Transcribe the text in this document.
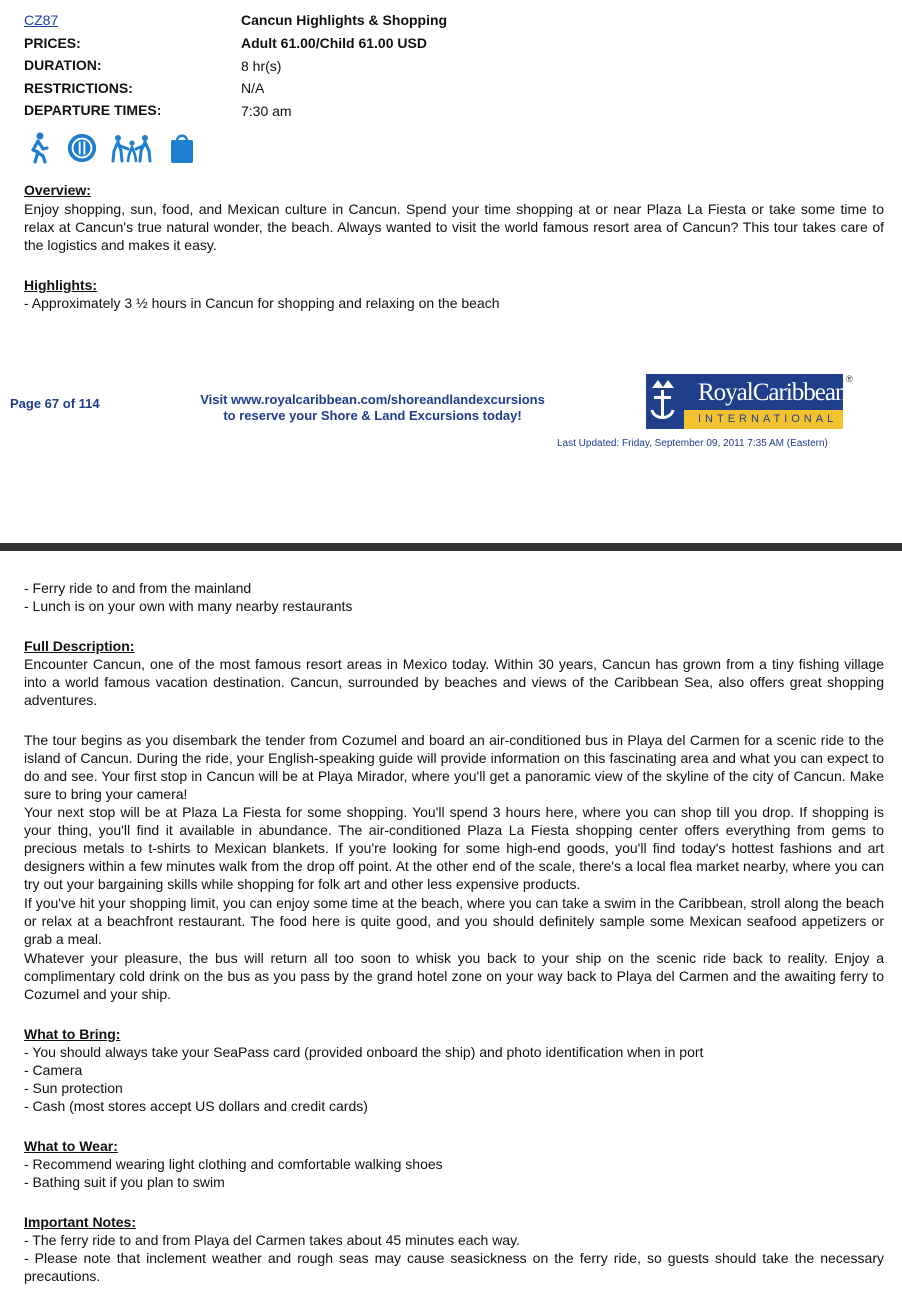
CZ87	Cancun Highlights & Shopping
PRICES:	Adult 61.00/Child 61.00 USD
DURATION:	8 hr(s)
RESTRICTIONS:	N/A
DEPARTURE TIMES:	7:30 am
Overview:
Enjoy shopping, sun, food, and Mexican culture in Cancun. Spend your time shopping at or near Plaza La Fiesta or take some time to relax at Cancun's true natural wonder, the beach. Always wanted to visit the world famous resort area of Cancun? This tour takes care of the logistics and makes it easy.
Highlights:
- Approximately 3 ½ hours in Cancun for shopping and relaxing on the beach
Page 67 of 114	Visit www.royalcaribbean.com/shoreandlandexcursions
to reserve your Shore & Land Excursions today!
RoyalCaribbean
INTERNATIONAL
®
Last Updated: Friday, September 09, 2011 7:35 AM (Eastern)
- Ferry ride to and from the mainland
- Lunch is on your own with many nearby restaurants
Full Description:
Encounter Cancun, one of the most famous resort areas in Mexico today. Within 30 years, Cancun has grown from a tiny fishing village into a world famous vacation destination. Cancun, surrounded by beaches and views of the Caribbean Sea, also offers great shopping adventures.
The tour begins as you disembark the tender from Cozumel and board an air-conditioned bus in Playa del Carmen for a scenic ride to the island of Cancun. During the ride, your English-speaking guide will provide information on this fascinating area and what you can expect to do and see. Your first stop in Cancun will be at Playa Mirador, where you'll get a panoramic view of the skyline of the city of Cancun. Make sure to bring your camera!
Your next stop will be at Plaza La Fiesta for some shopping. You'll spend 3 hours here, where you can shop till you drop. If shopping is your thing, you'll find it available in abundance. The air-conditioned Plaza La Fiesta shopping center offers everything from gems to precious metals to t-shirts to Mexican blankets. If you're looking for some high-end goods, you'll find today's hottest fashions and art designers within a few minutes walk from the drop off point. At the other end of the scale, there's a local flea market nearby, where you can try out your bargaining skills while shopping for folk art and other less expensive products.
If you've hit your shopping limit, you can enjoy some time at the beach, where you can take a swim in the Caribbean, stroll along the beach or relax at a beachfront restaurant. The food here is quite good, and you should definitely sample some Mexican seafood appetizers or grab a meal.
Whatever your pleasure, the bus will return all too soon to whisk you back to your ship on the scenic ride back to reality. Enjoy a complimentary cold drink on the bus as you pass by the grand hotel zone on your way back to Playa del Carmen and the awaiting ferry to Cozumel and your ship.
What to Bring:
- You should always take your SeaPass card (provided onboard the ship) and photo identification when in port
- Camera
- Sun protection
- Cash (most stores accept US dollars and credit cards)
What to Wear:
- Recommend wearing light clothing and comfortable walking shoes
- Bathing suit if you plan to swim
Important Notes:
- The ferry ride to and from Playa del Carmen takes about 45 minutes each way.
- Please note that inclement weather and rough seas may cause seasickness on the ferry ride, so guests should take the necessary precautions.
